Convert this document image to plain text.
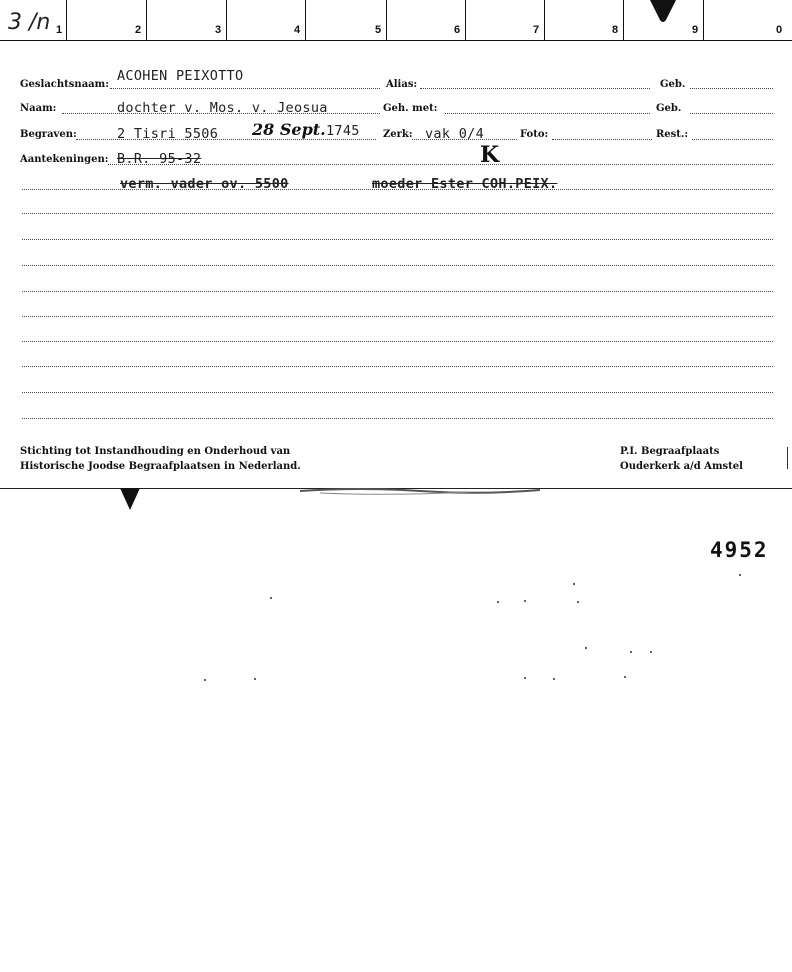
3 /n 1	2	3	4	5	6	7	8	9	0
Geslachtsnaam:
ACOHEN PEIXOTTO
Alias:	Geb.
Naam:	dochter v. Mos. v. Jeosua	Geh. met:	Geb.
Begraven:	2 Tisri 5506 28 Sept. 1745 Zerk: vak 0/4	Foto:	Rest.:
Aantekeningen: B.R. 95-32	K
verm. vader ov. 5500	moeder Ester COH.PEIX.
Stichting tot Instandhouding en Onderhoud van
Historische Joodse Begraafplaatsen in Nederland.
P.I. Begraafplaats
Ouderkerk a/d Amstel
4952
